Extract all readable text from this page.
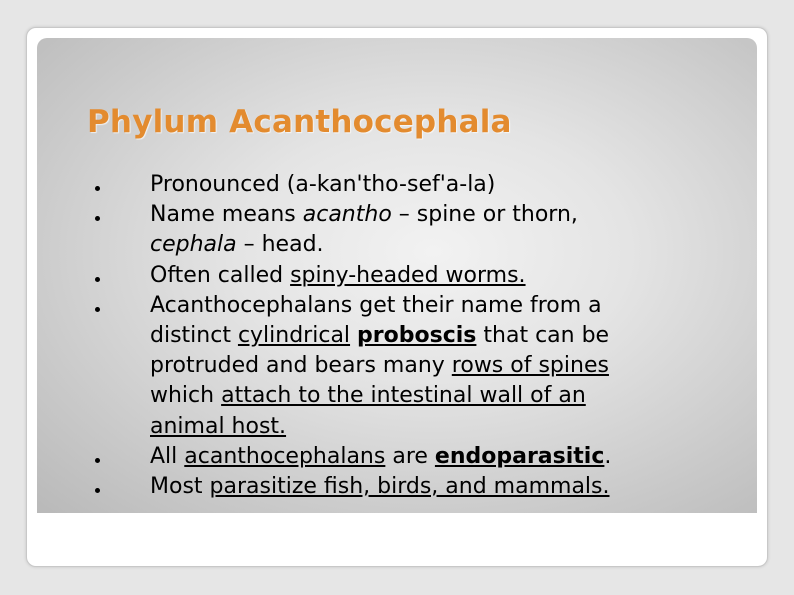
Phylum Acanthocephala

Pronounced (a-kan'tho-sef'a-la)

Name means acantho – spine or thorn,

cephala – head.

Often called spiny-headed worms.

Acanthocephalans get their name from a

distinct cylindrical proboscis that can be

protruded and bears many rows of spines

which attach to the intestinal wall of an

animal host.

All acanthocephalans are endoparasitic.

Most parasitize fish, birds, and mammals.
